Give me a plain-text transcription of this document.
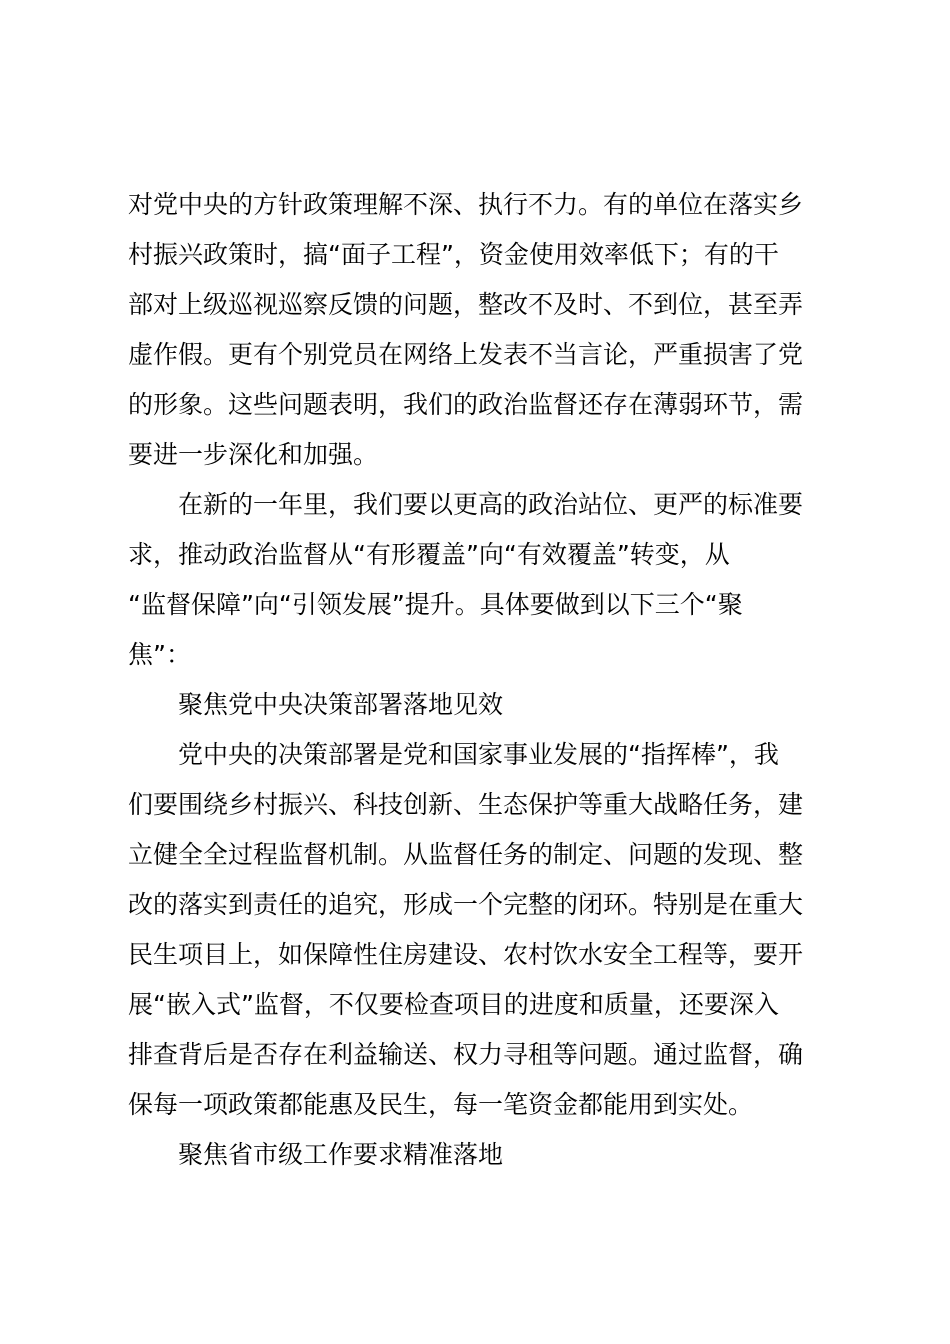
对党中央的方针政策理解不深、执行不力。有的单位在落实乡
村振兴政策时，搞“面子工程”，资金使用效率低下；有的干
部对上级巡视巡察反馈的问题，整改不及时、不到位，甚至弄
虚作假。更有个别党员在网络上发表不当言论，严重损害了党
的形象。这些问题表明，我们的政治监督还存在薄弱环节，需
要进一步深化和加强。
　　在新的一年里，我们要以更高的政治站位、更严的标准要
求，推动政治监督从“有形覆盖”向“有效覆盖”转变，从
“监督保障”向“引领发展”提升。具体要做到以下三个“聚
焦”：
聚焦党中央决策部署落地见效
　　党中央的决策部署是党和国家事业发展的“指挥棒”，我
们要围绕乡村振兴、科技创新、生态保护等重大战略任务，建
立健全全过程监督机制。从监督任务的制定、问题的发现、整
改的落实到责任的追究，形成一个完整的闭环。特别是在重大
民生项目上，如保障性住房建设、农村饮水安全工程等，要开
展“嵌入式”监督，不仅要检查项目的进度和质量，还要深入
排查背后是否存在利益输送、权力寻租等问题。通过监督，确
保每一项政策都能惠及民生，每一笔资金都能用到实处。
聚焦省市级工作要求精准落地
